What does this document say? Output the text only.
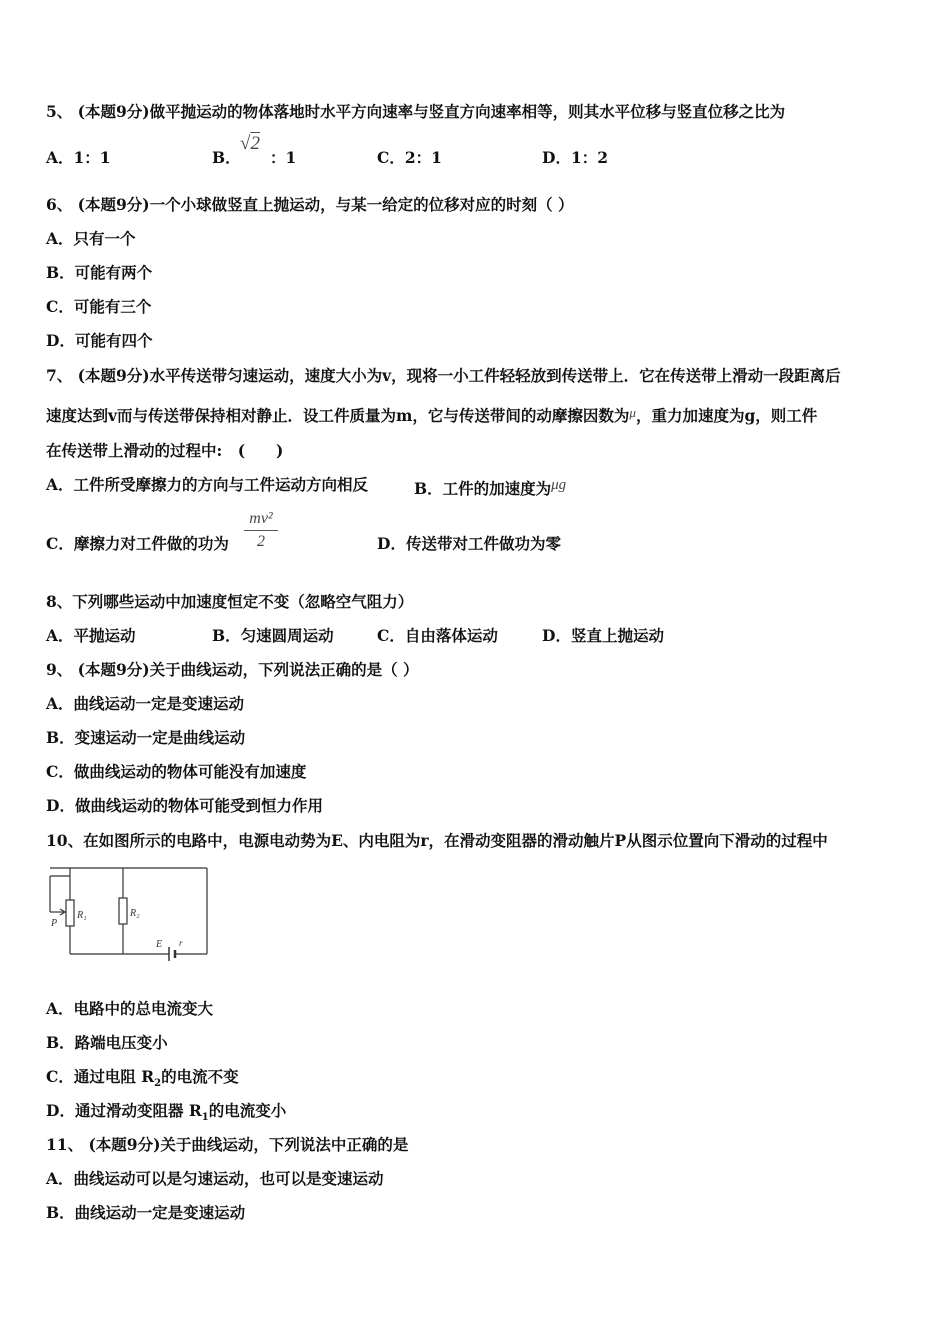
5、 (本题9分)做平抛运动的物体落地时水平方向速率与竖直方向速率相等，则其水平位移与竖直位移之比为
A．1：1	B．
√2
：1	C．2：1	D．1：2
6、 (本题9分)一个小球做竖直上抛运动，与某一给定的位移对应的时刻（ ）
A．只有一个
B．可能有两个
C．可能有三个
D．可能有四个
7、 (本题9分)水平传送带匀速运动，速度大小为v，现将一小工件轻轻放到传送带上．它在传送带上滑动一段距离后
速度达到v而与传送带保持相对静止．设工件质量为m，它与传送带间的动摩擦因数为$^\mu$，重力加速度为g，则工件
在传送带上滑动的过程中:　(　　)
A．工件所受摩擦力的方向与工件运动方向相反	B．工件的加速度为μg
C．摩擦力对工件做的功为
mv²
2	D．传送带对工件做功为零
8、下列哪些运动中加速度恒定不变（忽略空气阻力）
A．平抛运动	B．匀速圆周运动	C．自由落体运动	D．竖直上抛运动
9、 (本题9分)关于曲线运动，下列说法正确的是（ ）
A．曲线运动一定是变速运动
B．变速运动一定是曲线运动
C．做曲线运动的物体可能没有加速度
D．做曲线运动的物体可能受到恒力作用
10、在如图所示的电路中，电源电动势为E、内电阻为r，在滑动变阻器的滑动触片P从图示位置向下滑动的过程中
R₁	R₂
P
E r
A．电路中的总电流变大
B．路端电压变小
C．通过电阻 $R_2$的电流不变
D．通过滑动变阻器 $R_1$的电流变小
11、 (本题9分)关于曲线运动，下列说法中正确的是
A．曲线运动可以是匀速运动，也可以是变速运动
B．曲线运动一定是变速运动
